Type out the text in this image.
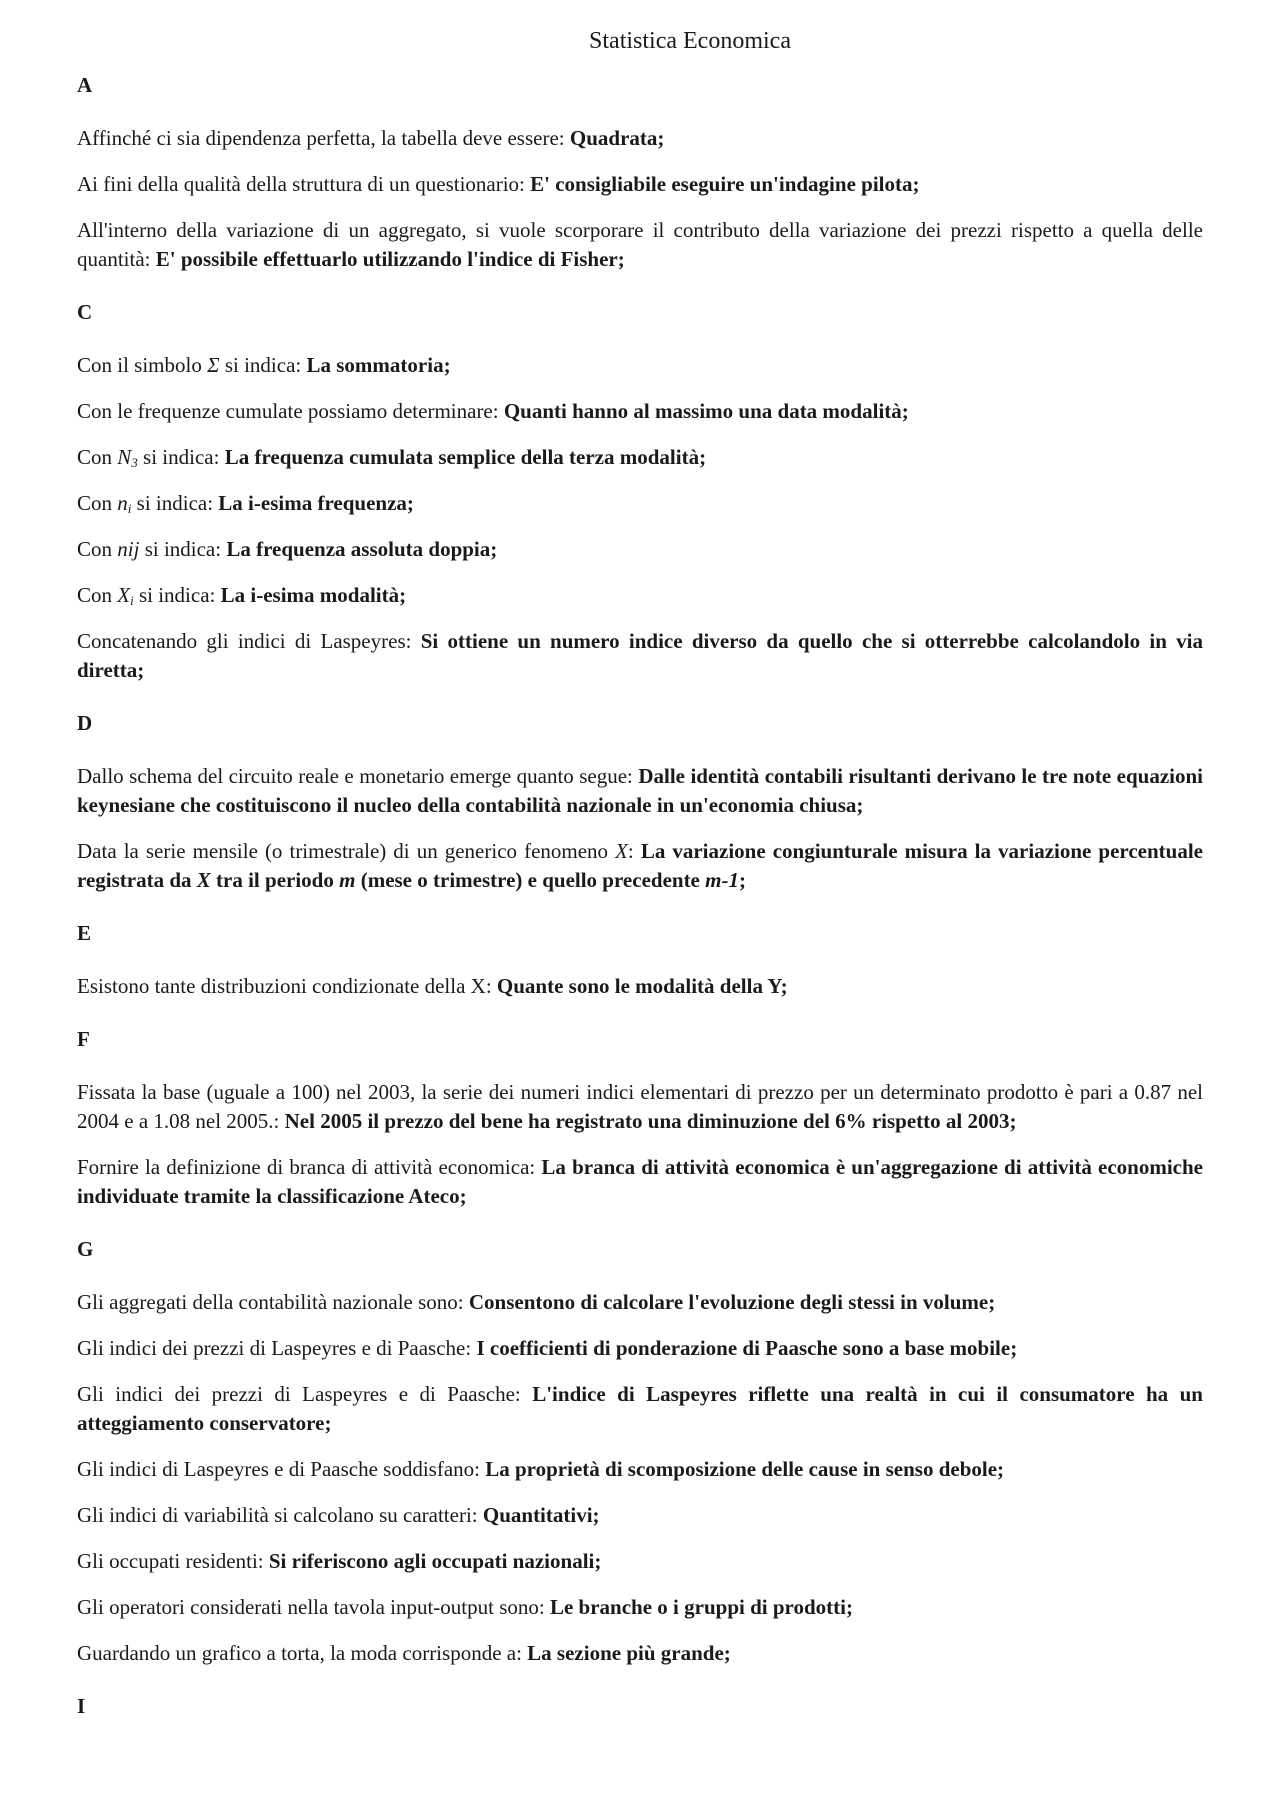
Statistica Economica
A

Affinché ci sia dipendenza perfetta, la tabella deve essere: Quadrata;

Ai fini della qualità della struttura di un questionario: E' consigliabile eseguire un'indagine pilota;

All'interno della variazione di un aggregato, si vuole scorporare il contributo della variazione dei prezzi rispetto a quella delle quantità: E' possibile effettuarlo utilizzando l'indice di Fisher;

C

Con il simbolo Σ si indica: La sommatoria;

Con le frequenze cumulate possiamo determinare: Quanti hanno al massimo una data modalità;

Con $N_3$ si indica: La frequenza cumulata semplice della terza modalità;

Con $n_i$ si indica: La i-esima frequenza;

Con nij si indica: La frequenza assoluta doppia;

Con $X_i$ si indica: La i-esima modalità;

Concatenando gli indici di Laspeyres: Si ottiene un numero indice diverso da quello che si otterrebbe calcolandolo in via diretta;

D

Dallo schema del circuito reale e monetario emerge quanto segue: Dalle identità contabili risultanti derivano le tre note equazioni keynesiane che costituiscono il nucleo della contabilità nazionale in un'economia chiusa;

Data la serie mensile (o trimestrale) di un generico fenomeno X: La variazione congiunturale misura la variazione percentuale registrata da X tra il periodo m (mese o trimestre) e quello precedente m-1;

E

Esistono tante distribuzioni condizionate della X: Quante sono le modalità della Y;

F

Fissata la base (uguale a 100) nel 2003, la serie dei numeri indici elementari di prezzo per un determinato prodotto è pari a 0.87 nel 2004 e a 1.08 nel 2005.: Nel 2005 il prezzo del bene ha registrato una diminuzione del 6% rispetto al 2003;

Fornire la definizione di branca di attività economica: La branca di attività economica è un'aggregazione di attività economiche individuate tramite la classificazione Ateco;

G

Gli aggregati della contabilità nazionale sono: Consentono di calcolare l'evoluzione degli stessi in volume;

Gli indici dei prezzi di Laspeyres e di Paasche: I coefficienti di ponderazione di Paasche sono a base mobile;

Gli indici dei prezzi di Laspeyres e di Paasche: L'indice di Laspeyres riflette una realtà in cui il consumatore ha un atteggiamento conservatore;

Gli indici di Laspeyres e di Paasche soddisfano: La proprietà di scomposizione delle cause in senso debole;

Gli indici di variabilità si calcolano su caratteri: Quantitativi;

Gli occupati residenti: Si riferiscono agli occupati nazionali;

Gli operatori considerati nella tavola input-output sono: Le branche o i gruppi di prodotti;

Guardando un grafico a torta, la moda corrisponde a: La sezione più grande;

I
